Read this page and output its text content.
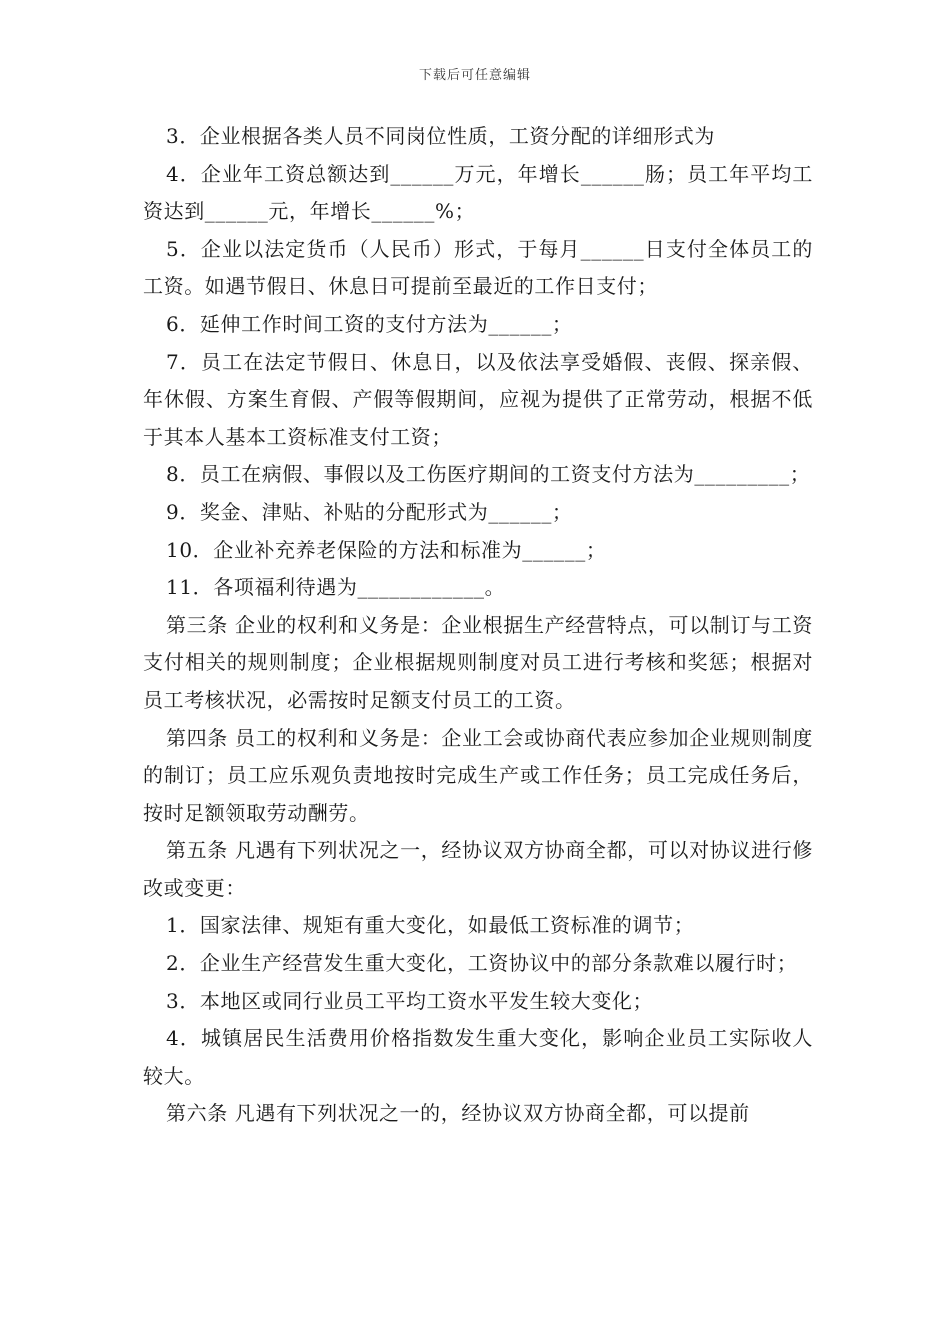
下载后可任意编辑

3．企业根据各类人员不同岗位性质，工资分配的详细形式为

4．企业年工资总额达到______万元，年增长______肠；员工年平均工资达到______元，年增长______%；

5．企业以法定货币（人民币）形式，于每月______日支付全体员工的工资。如遇节假日、休息日可提前至最近的工作日支付；

6．延伸工作时间工资的支付方法为______；

7．员工在法定节假日、休息日，以及依法享受婚假、丧假、探亲假、年休假、方案生育假、产假等假期间，应视为提供了正常劳动，根据不低于其本人基本工资标准支付工资；

8．员工在病假、事假以及工伤医疗期间的工资支付方法为_________；

9．奖金、津贴、补贴的分配形式为______；

10．企业补充养老保险的方法和标准为______；

11．各项福利待遇为____________。

第三条 企业的权利和义务是：企业根据生产经营特点，可以制订与工资支付相关的规则制度；企业根据规则制度对员工进行考核和奖惩；根据对员工考核状况，必需按时足额支付员工的工资。

第四条 员工的权利和义务是：企业工会或协商代表应参加企业规则制度的制订；员工应乐观负责地按时完成生产或工作任务；员工完成任务后，按时足额领取劳动酬劳。

第五条 凡遇有下列状况之一，经协议双方协商全都，可以对协议进行修改或变更：

1．国家法律、规矩有重大变化，如最低工资标准的调节；

2．企业生产经营发生重大变化，工资协议中的部分条款难以履行时；

3．本地区或同行业员工平均工资水平发生较大变化；

4．城镇居民生活费用价格指数发生重大变化，影响企业员工实际收人较大。

第六条 凡遇有下列状况之一的，经协议双方协商全都，可以提前
